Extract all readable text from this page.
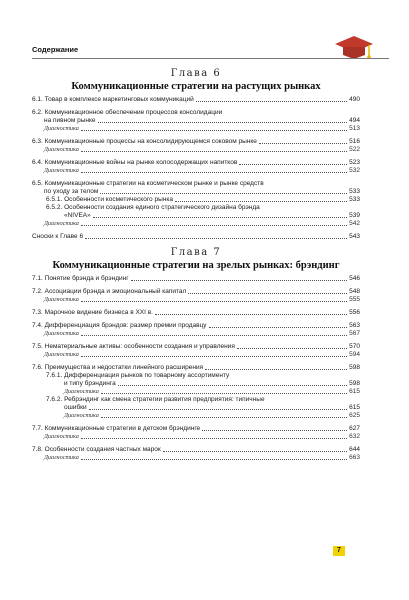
Содержание
Глава 6
Коммуникационные стратегии на растущих рынках
6.1. Товар в комплексе маркетинговых коммуникаций	490
6.2. Коммуникационное обеспечение процессов консолидации
на пивном рынке	494
Диагностика	513
6.3. Коммуникационные процессы на консолидирующемся соковом рынке	516
Диагностика	522
6.4. Коммуникационные войны на рынке колосодержащих напитков	523
Диагностика	532
6.5. Коммуникационные стратегии на косметическом рынке и рынке средств
по уходу за телом	533
6.5.1. Особенности косметического рынка	533
6.5.2. Особенности создания единого стратегического дизайна брэнда
«NIVEA»	539
Диагностика	542
Сноски к Главе 6	543
Глава 7
Коммуникационные стратегии на зрелых рынках: брэндинг
7.1. Понятие брэнда и брэндинг	546
7.2. Ассоциации брэнда и эмоциональный капитал	548
Диагностика	555
7.3. Марочное видение бизнеса в XXI в.	556
7.4. Дифференциация брэндов: размер премии продавцу	563
Диагностика	567
7.5. Нематериальные активы: особенности создания и управления	570
Диагностика	594
7.6. Преимущества и недостатки линейного расширения	598
7.6.1. Дифференциация рынков по товарному ассортименту
и типу брэндинга	598
Диагностика	615
7.6.2. Ребрэндинг как смена стратегии развития предприятия: типичные
ошибки	615
Диагностика	625
7.7. Коммуникационные стратегии в детском брэндинге	627
Диагностика	632
7.8. Особенности создания частных марок	644
Диагностика	663
7
